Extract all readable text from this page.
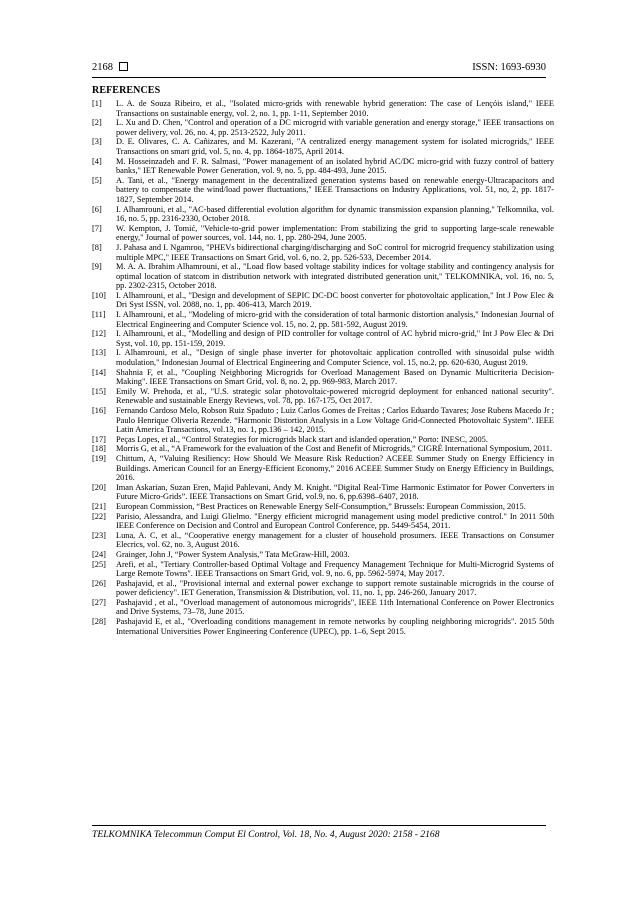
2168	ISSN: 1693-6930
REFERENCES
[1] L. A. de Souza Ribeiro, et al., "Isolated micro-grids with renewable hybrid generation: The case of Lençóis island," IEEE Transactions on sustainable energy, vol. 2, no. 1, pp. 1-11, September 2010.
[2] L. Xu and D. Chen, "Control and operation of a DC microgrid with variable generation and energy storage," IEEE transactions on power delivery, vol. 26, no. 4, pp. 2513-2522, July 2011.
[3] D. E. Olivares, C. A. Cañizares, and M. Kazerani, "A centralized energy management system for isolated microgrids," IEEE Transactions on smart grid, vol. 5, no. 4, pp. 1864-1875, April 2014.
[4] M. Hosseinzadeh and F. R. Salmasi, "Power management of an isolated hybrid AC/DC micro-grid with fuzzy control of battery banks," IET Renewable Power Generation, vol. 9, no. 5, pp. 484-493, June 2015.
[5] A. Tani, et al., "Energy management in the decentralized generation systems based on renewable energy-Ultracapacitors and battery to compensate the wind/load power fluctuations," IEEE Transactions on Industry Applications, vol. 51, no, 2, pp. 1817-1827, September 2014.
[6] I. Alhamrouni, et al., "AC-based differential evolution algorithm for dynamic transmission expansion planning," Telkomnika, vol. 16, no. 5, pp. 2316-2330, October 2018.
[7] W. Kempton, J. Tomić, "Vehicle-to-grid power implementation: From stabilizing the grid to supporting large-scale renewable energy," Journal of power sources, vol. 144, no. 1, pp. 280-294, June 2005.
[8] J. Pahasa and I. Ngamroo, "PHEVs bidirectional charging/discharging and SoC control for microgrid frequency stabilization using multiple MPC," IEEE Transactions on Smart Grid, vol. 6, no. 2, pp. 526-533, December 2014.
[9] M. A. A. Ibrahim Alhamrouni, et al., "Load flow based voltage stability indices for voltage stability and contingency analysis for optimal location of statcom in distribution network with integrated distributed generation unit," TELKOMNIKA, vol. 16, no. 5, pp. 2302-2315, October 2018.
[10] I. Alhamrouni, et al., "Design and development of SEPIC DC-DC boost converter for photovoltaic application," Int J Pow Elec & Dri Syst ISSN, vol. 2088, no. 1, pp. 406-413, March 2019.
[11] I. Alhamrouni, et al., "Modeling of micro-grid with the consideration of total harmonic distortion analysis," Indonesian Journal of Electrical Engineering and Computer Science vol. 15, no. 2, pp. 581-592, August 2019.
[12] I. Alhamrouni, et al., "Modelling and design of PID controller for voltage control of AC hybrid micro-grid," Int J Pow Elec & Dri Syst, vol. 10, pp. 151-159, 2019.
[13] I. Alhamrouni, et al., "Design of single phase inverter for photovoltaic application controlled with sinusoidal pulse width modulation," Indonesian Journal of Electrical Engineering and Computer Science, vol. 15, no.2, pp. 620-630, August 2019.
[14] Shahnia F, et al., "Coupling Neighboring Microgrids for Overload Management Based on Dynamic Multicriteria Decision-Making". IEEE Transactions on Smart Grid, vol. 8, no. 2, pp. 969-983, March 2017.
[15] Emily W. Prehoda, et al., "U.S. strategic solar photovoltaic-powered microgrid deployment for enhanced national security". Renewable and sustainable Energy Reviews, vol. 78, pp. 167-175, Oct 2017.
[16] Fernando Cardoso Melo, Robson Ruiz Spaduto ; Luiz Carlos Gomes de Freitas ; Carlos Eduardo Tavares; Jose Rubens Macedo Jr ; Paulo Henrique Oliveria Rezende. “Harmonic Distortion Analysis in a Low Voltage Grid-Connected Photovoltaic System”. IEEE Latin America Transactions, vol.13, no. 1, pp.136 – 142, 2015.
[17] Peças Lopes, et al., “Control Strategies for microgrids black start and islanded operation,” Porto: INESC, 2005.
[18] Morris G, et al., “A Framework for the evaluation of the Cost and Benefit of Microgrids,” CIGRÉ International Symposium, 2011.
[19] Chittum, A, “Valuing Resiliency: How Should We Measure Risk Reduction? ACEEE Summer Study on Energy Efficiency in Buildings. American Council for an Energy-Efficient Economy,” 2016 ACEEE Summer Study on Energy Efficiency in Buildings, 2016.
[20] Iman Askarian, Suzan Eren, Majid Pahlevani, Andy M. Knight. “Digital Real-Time Harmonic Estimator for Power Converters in Future Micro-Grids”. IEEE Transactions on Smart Grid, vol.9, no. 6, pp.6398–6407, 2018.
[21] European Commission, “Best Practices on Renewable Energy Self-Consumption,” Brussels: European Commission, 2015.
[22] Parisio, Alessandra, and Luigi Glielmo. "Energy efficient microgrid management using model predictive control." In 2011 50th IEEE Conference on Decision and Control and European Control Conference, pp. 5449-5454, 2011.
[23] Luna, A. C, et al., “Cooperative energy management for a cluster of household prosumers. IEEE Transactions on Consumer Elecrics, vol. 62, no. 3, August 2016.
[24] Grainger, John J, “Power System Analysis,” Tata McGraw-Hill, 2003.
[25] Arefi, et al., "Tertiary Controller-based Optimal Voltage and Frequency Management Technique for Multi-Microgrid Systems of Large Remote Towns". IEEE Transactions on Smart Grid, vol. 9, no. 6, pp. 5962-5974, May 2017.
[26] Pashajavid, et al., "Provisional internal and external power exchange to support remote sustainable microgrids in the course of power deficiency". IET Generation, Transmission & Distribution, vol. 11, no. 1, pp. 246-260, January 2017.
[27] Pashajavid , et al., "Overload management of autonomous microgrids", IEEE 11th International Conference on Power Electronics and Drive Systems, 73–78, June 2015.
[28] Pashajavid E, et al., "Overloading conditions management in remote networks by coupling neighboring microgrids". 2015 50th International Universities Power Engineering Conference (UPEC), pp. 1–6, Sept 2015.
TELKOMNIKA Telecommun Comput El Control, Vol. 18, No. 4, August 2020: 2158 - 2168
